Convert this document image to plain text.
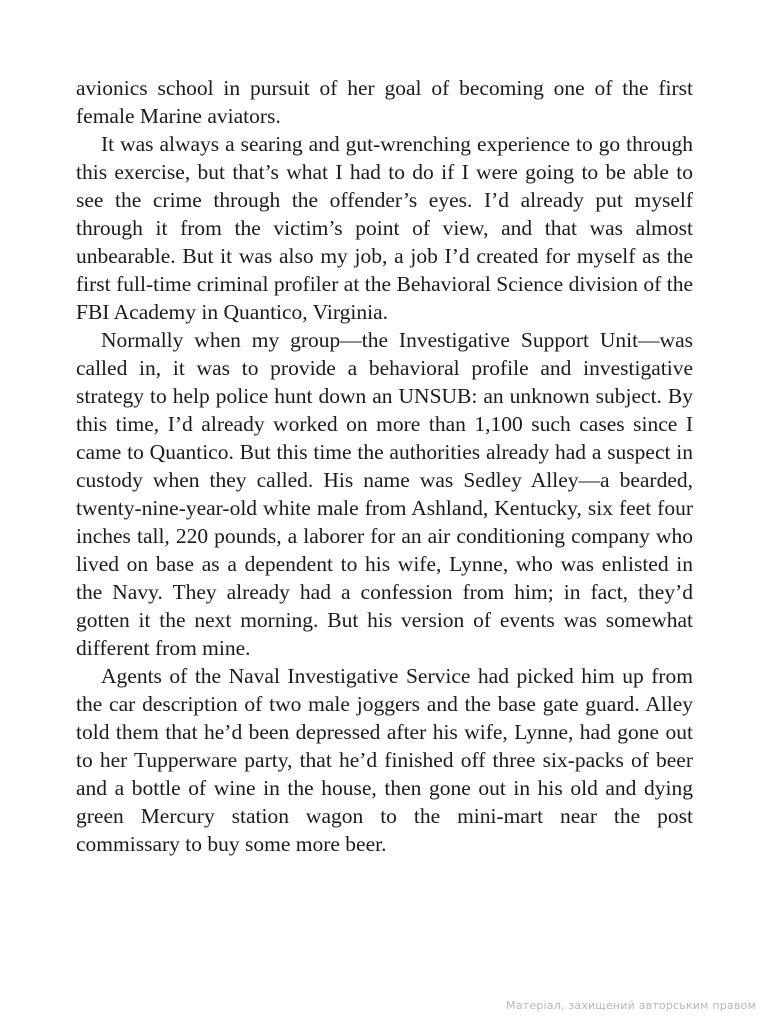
avionics school in pursuit of her goal of becoming one of the first female Marine aviators.

It was always a searing and gut-wrenching experience to go through this exercise, but that’s what I had to do if I were going to be able to see the crime through the offender’s eyes. I’d already put myself through it from the victim’s point of view, and that was almost unbearable. But it was also my job, a job I’d created for myself as the first full-time criminal profiler at the Behavioral Science division of the FBI Academy in Quantico, Virginia.

Normally when my group—the Investigative Support Unit—was called in, it was to provide a behavioral profile and investigative strategy to help police hunt down an UNSUB: an unknown subject. By this time, I’d already worked on more than 1,100 such cases since I came to Quantico. But this time the authorities already had a suspect in custody when they called. His name was Sedley Alley—a bearded, twenty-nine-year-old white male from Ashland, Kentucky, six feet four inches tall, 220 pounds, a laborer for an air conditioning company who lived on base as a dependent to his wife, Lynne, who was enlisted in the Navy. They already had a confession from him; in fact, they’d gotten it the next morning. But his version of events was somewhat different from mine.

Agents of the Naval Investigative Service had picked him up from the car description of two male joggers and the base gate guard. Alley told them that he’d been depressed after his wife, Lynne, had gone out to her Tupperware party, that he’d finished off three six-packs of beer and a bottle of wine in the house, then gone out in his old and dying green Mercury station wagon to the mini-mart near the post commissary to buy some more beer.

Матеріал, захищений авторським правом
